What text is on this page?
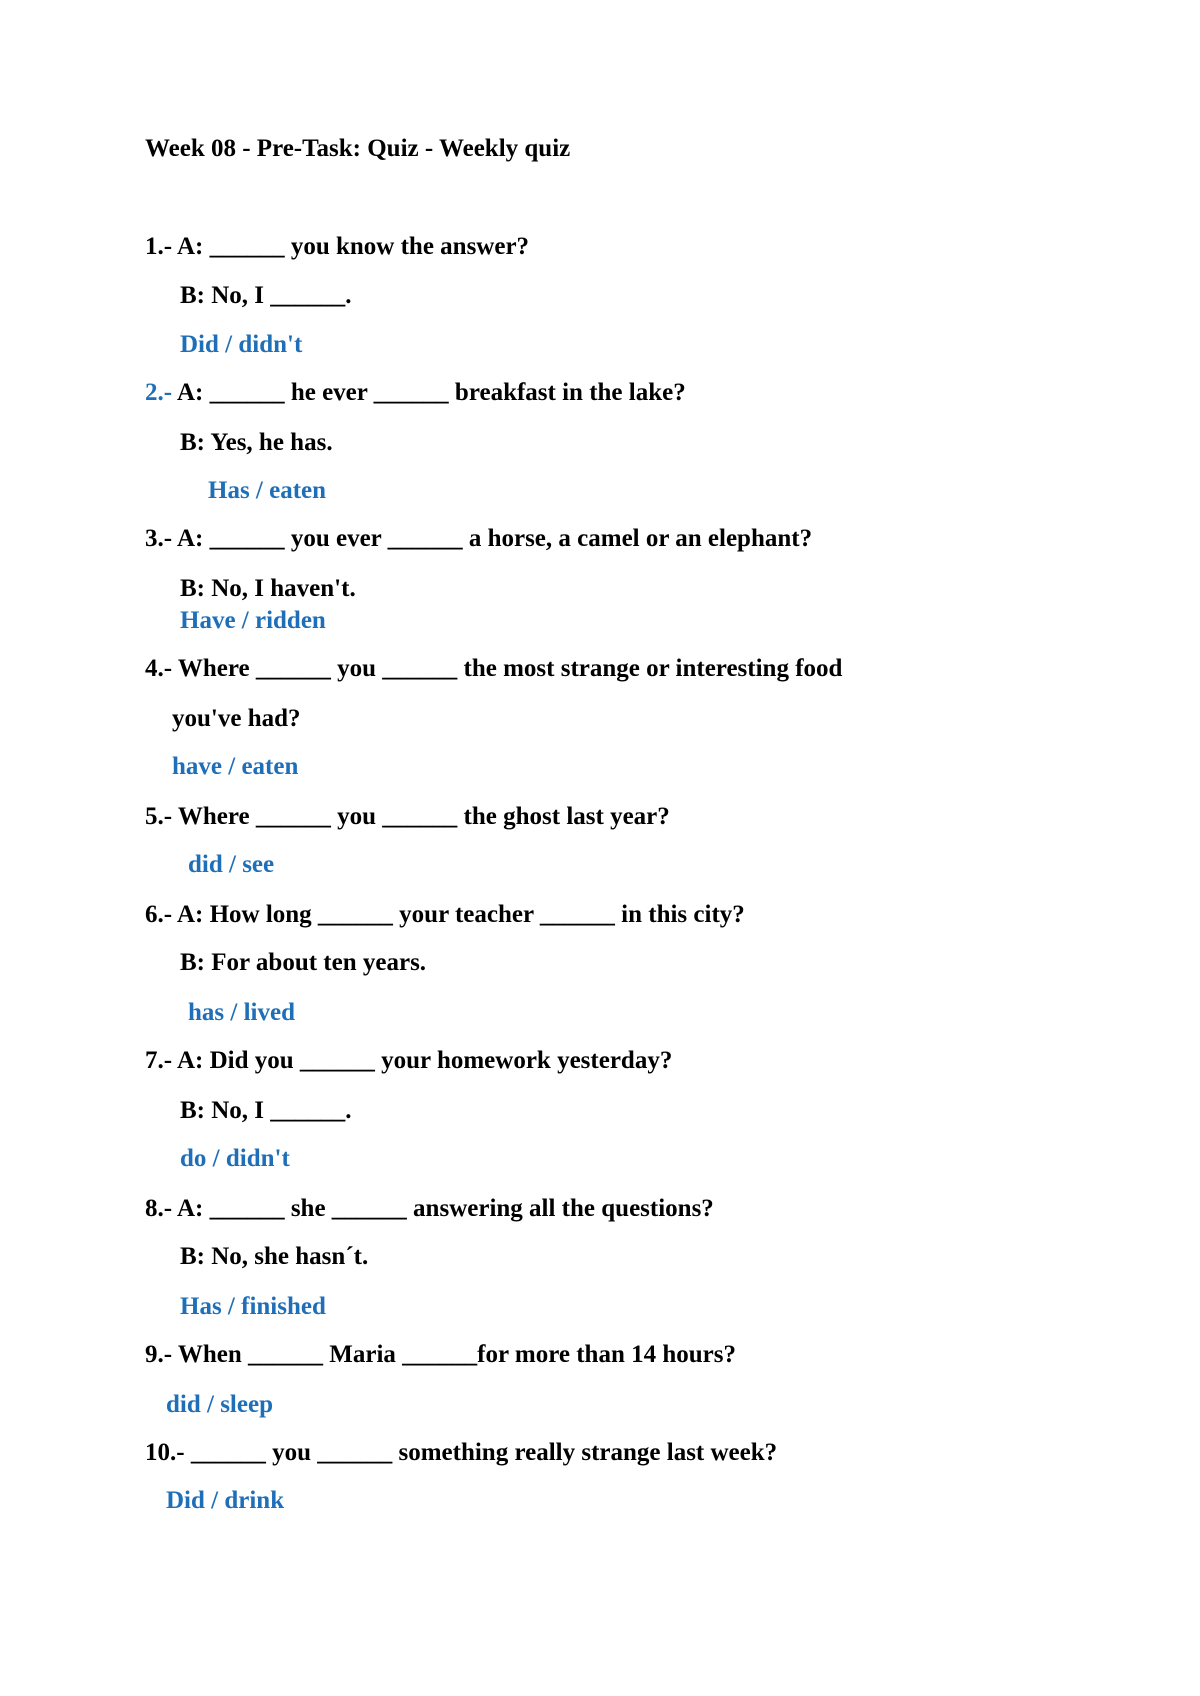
Week 08 - Pre-Task: Quiz - Weekly quiz
1.- A: ______ you know the answer?
B: No, I ______.
Did / didn't
2.- A: ______ he ever ______ breakfast in the lake?
B: Yes, he has.
Has / eaten
3.- A: ______ you ever ______ a horse, a camel or an elephant?
B: No, I haven't.
Have / ridden
4.- Where ______ you ______ the most strange or interesting food
you've had?
have / eaten
5.- Where ______ you ______ the ghost last year?
did / see
6.- A: How long ______ your teacher ______ in this city?
B: For about ten years.
has / lived
7.- A: Did you ______ your homework yesterday?
B: No, I ______.
do / didn't
8.- A: ______ she ______ answering all the questions?
B: No, she hasn´t.
Has / finished
9.- When ______ Maria ______for more than 14 hours?
did / sleep
10.- ______ you ______ something really strange last week?
Did / drink
